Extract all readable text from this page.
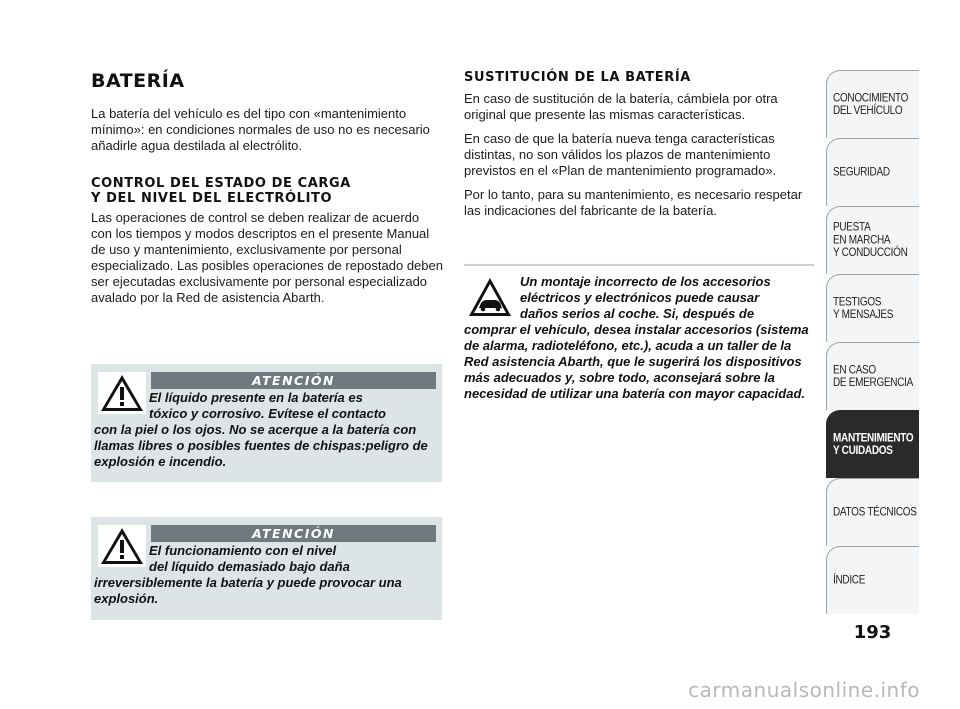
BATERÍA

La batería del vehículo es del tipo con «mantenimiento mínimo»: en condiciones normales de uso no es necesario añadirle agua destilada al electrólito.

CONTROL DEL ESTADO DE CARGA
Y DEL NIVEL DEL ELECTRÓLITO

Las operaciones de control se deben realizar de acuerdo con los tiempos y modos descriptos en el presente Manual de uso y mantenimiento, exclusivamente por personal especializado. Las posibles operaciones de repostado deben ser ejecutadas exclusivamente por personal especializado avalado por la Red de asistencia Abarth.

ATENCIÓN
El líquido presente en la batería es
tóxico y corrosivo. Evítese el contacto
con la piel o los ojos. No se acerque a la batería con llamas libres o posibles fuentes de chispas:peligro de explosión e incendio.
ATENCIÓN
El funcionamiento con el nivel
del líquido demasiado bajo daña
irreversiblemente la batería y puede provocar una explosión.
SUSTITUCIÓN DE LA BATERÍA

En caso de sustitución de la batería, cámbiela por otra original que presente las mismas características.

En caso de que la batería nueva tenga características distintas, no son válidos los plazos de mantenimiento previstos en el «Plan de mantenimiento programado».

Por lo tanto, para su mantenimiento, es necesario respetar las indicaciones del fabricante de la batería.

Un montaje incorrecto de los accesorios
eléctricos y electrónicos puede causar
daños serios al coche. Si, después de
comprar el vehículo, desea instalar accesorios (sistema de alarma, radioteléfono, etc.), acuda a un taller de la Red asistencia Abarth, que le sugerirá los dispositivos más adecuados y, sobre todo, aconsejará sobre la necesidad de utilizar una batería con mayor capacidad.
CONOCIMIENTO
DEL VEHÍCULO
SEGURIDAD
PUESTA
EN MARCHA
Y CONDUCCIÓN
TESTIGOS
Y MENSAJES
EN CASO
DE EMERGENCIA
MANTENIMIENTO
Y CUIDADOS
DATOS TÉCNICOS
ÍNDICE
193
carmanualsonline.info
